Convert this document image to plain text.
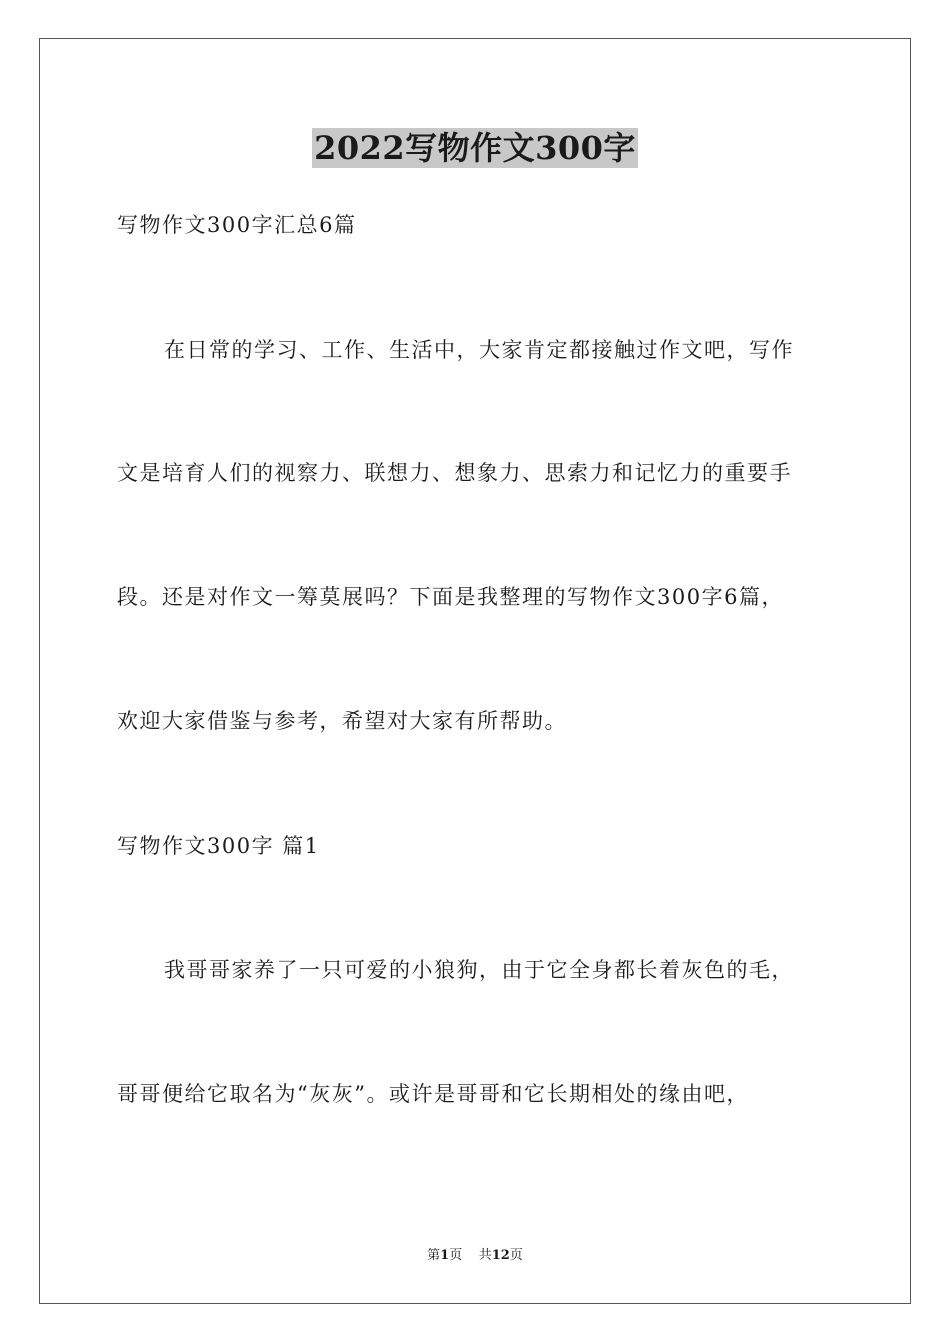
2022写物作文300字
写物作文300字汇总6篇
在日常的学习、工作、生活中，大家肯定都接触过作文吧，写作
文是培育人们的视察力、联想力、想象力、思索力和记忆力的重要手
段。还是对作文一筹莫展吗？下面是我整理的写物作文300字6篇，
欢迎大家借鉴与参考，希望对大家有所帮助。
写物作文300字 篇1
我哥哥家养了一只可爱的小狼狗，由于它全身都长着灰色的毛，
哥哥便给它取名为“灰灰”。或许是哥哥和它长期相处的缘由吧，
第1页    共12页
